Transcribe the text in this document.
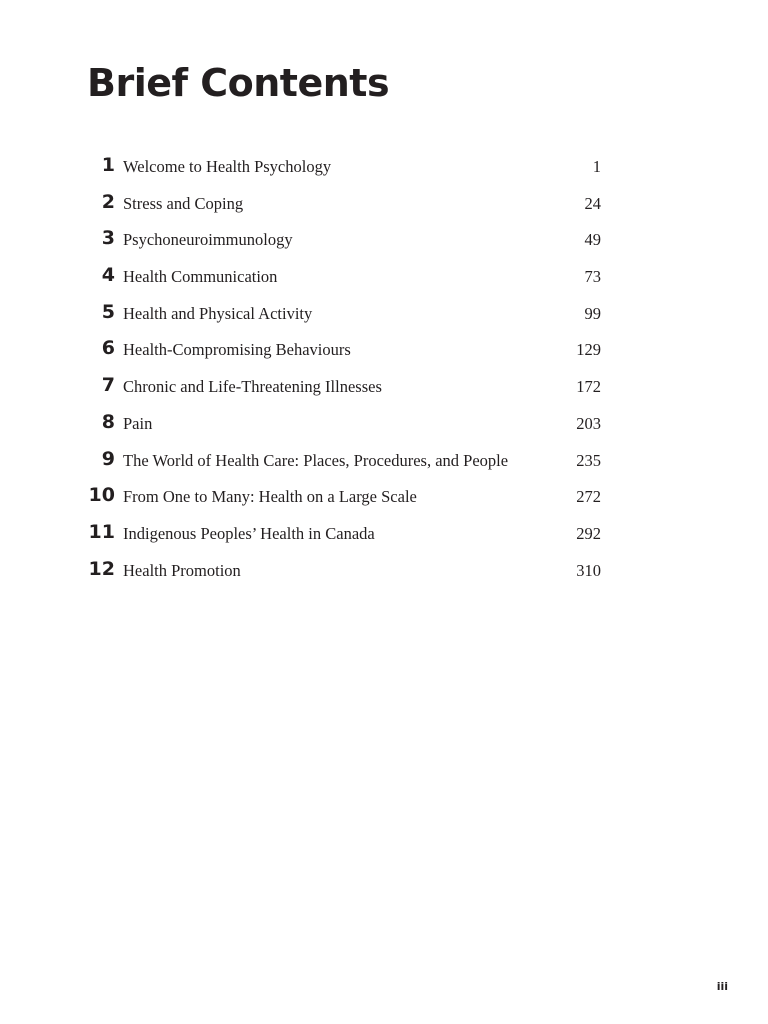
Brief Contents
1 Welcome to Health Psychology	1
2 Stress and Coping	24
3 Psychoneuroimmunology	49
4 Health Communication	73
5 Health and Physical Activity	99
6 Health-Compromising Behaviours	129
7 Chronic and Life-Threatening Illnesses	172
8 Pain	203
9 The World of Health Care: Places, Procedures, and People	235
10 From One to Many: Health on a Large Scale	272
11 Indigenous Peoples’ Health in Canada	292
12 Health Promotion	310
iii
